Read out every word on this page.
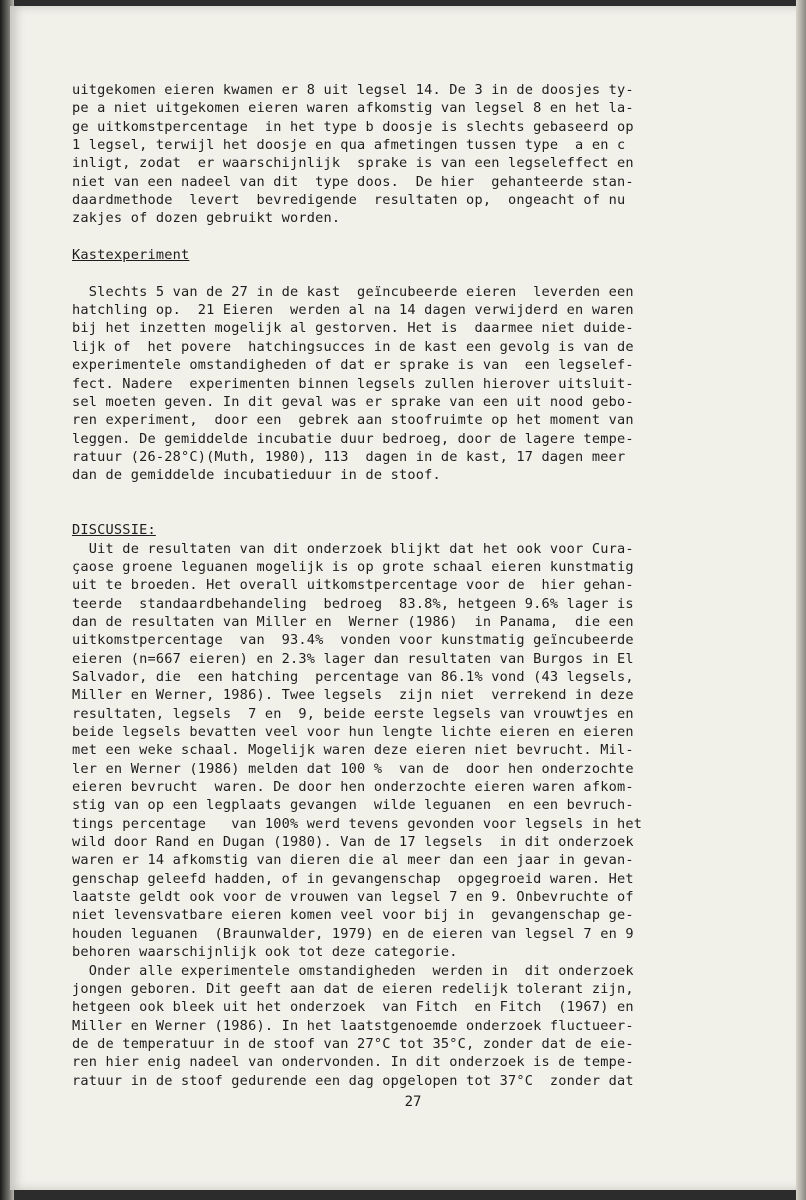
uitgekomen eieren kwamen er 8 uit legsel 14. De 3 in de doosjes ty-
pe a niet uitgekomen eieren waren afkomstig van legsel 8 en het la-
ge uitkomstpercentage  in het type b doosje is slechts gebaseerd op
1 legsel, terwijl het doosje en qua afmetingen tussen type  a en c
inligt, zodat  er waarschijnlijk  sprake is van een legseleffect en
niet van een nadeel van dit  type doos.  De hier  gehanteerde stan-
daardmethode  levert  bevredigende  resultaten op,  ongeacht of nu
zakjes of dozen gebruikt worden.
Kastexperiment
Slechts 5 van de 27 in de kast  geïncubeerde eieren  leverden een
hatchling op.  21 Eieren  werden al na 14 dagen verwijderd en waren
bij het inzetten mogelijk al gestorven. Het is  daarmee niet duide-
lijk of  het povere  hatchingsucces in de kast een gevolg is van de
experimentele omstandigheden of dat er sprake is van  een legselef-
fect. Nadere  experimenten binnen legsels zullen hierover uitsluit-
sel moeten geven. In dit geval was er sprake van een uit nood gebo-
ren experiment,  door een  gebrek aan stoofruimte op het moment van
leggen. De gemiddelde incubatie duur bedroeg, door de lagere tempe-
ratuur (26-28°C)(Muth, 1980), 113  dagen in de kast, 17 dagen meer
dan de gemiddelde incubatieduur in de stoof.
DISCUSSIE:
Uit de resultaten van dit onderzoek blijkt dat het ook voor Cura-
çaose groene leguanen mogelijk is op grote schaal eieren kunstmatig
uit te broeden. Het overall uitkomstpercentage voor de  hier gehan-
teerde  standaardbehandeling  bedroeg  83.8%, hetgeen 9.6% lager is
dan de resultaten van Miller en  Werner (1986)  in Panama,  die een
uitkomstpercentage  van  93.4%  vonden voor kunstmatig geïncubeerde
eieren (n=667 eieren) en 2.3% lager dan resultaten van Burgos in El
Salvador, die  een hatching  percentage van 86.1% vond (43 legsels,
Miller en Werner, 1986). Twee legsels  zijn niet  verrekend in deze
resultaten, legsels  7 en  9, beide eerste legsels van vrouwtjes en
beide legsels bevatten veel voor hun lengte lichte eieren en eieren
met een weke schaal. Mogelijk waren deze eieren niet bevrucht. Mil-
ler en Werner (1986) melden dat 100 %  van de  door hen onderzochte
eieren bevrucht  waren. De door hen onderzochte eieren waren afkom-
stig van op een legplaats gevangen  wilde leguanen  en een bevruch-
tings percentage   van 100% werd tevens gevonden voor legsels in het
wild door Rand en Dugan (1980). Van de 17 legsels  in dit onderzoek
waren er 14 afkomstig van dieren die al meer dan een jaar in gevan-
genschap geleefd hadden, of in gevangenschap  opgegroeid waren. Het
laatste geldt ook voor de vrouwen van legsel 7 en 9. Onbevruchte of
niet levensvatbare eieren komen veel voor bij in  gevangenschap ge-
houden leguanen  (Braunwalder, 1979) en de eieren van legsel 7 en 9
behoren waarschijnlijk ook tot deze categorie.
Onder alle experimentele omstandigheden  werden in  dit onderzoek
jongen geboren. Dit geeft aan dat de eieren redelijk tolerant zijn,
hetgeen ook bleek uit het onderzoek  van Fitch  en Fitch  (1967) en
Miller en Werner (1986). In het laatstgenoemde onderzoek fluctueer-
de de temperatuur in de stoof van 27°C tot 35°C, zonder dat de eie-
ren hier enig nadeel van ondervonden. In dit onderzoek is de tempe-
ratuur in de stoof gedurende een dag opgelopen tot 37°C  zonder dat
27
